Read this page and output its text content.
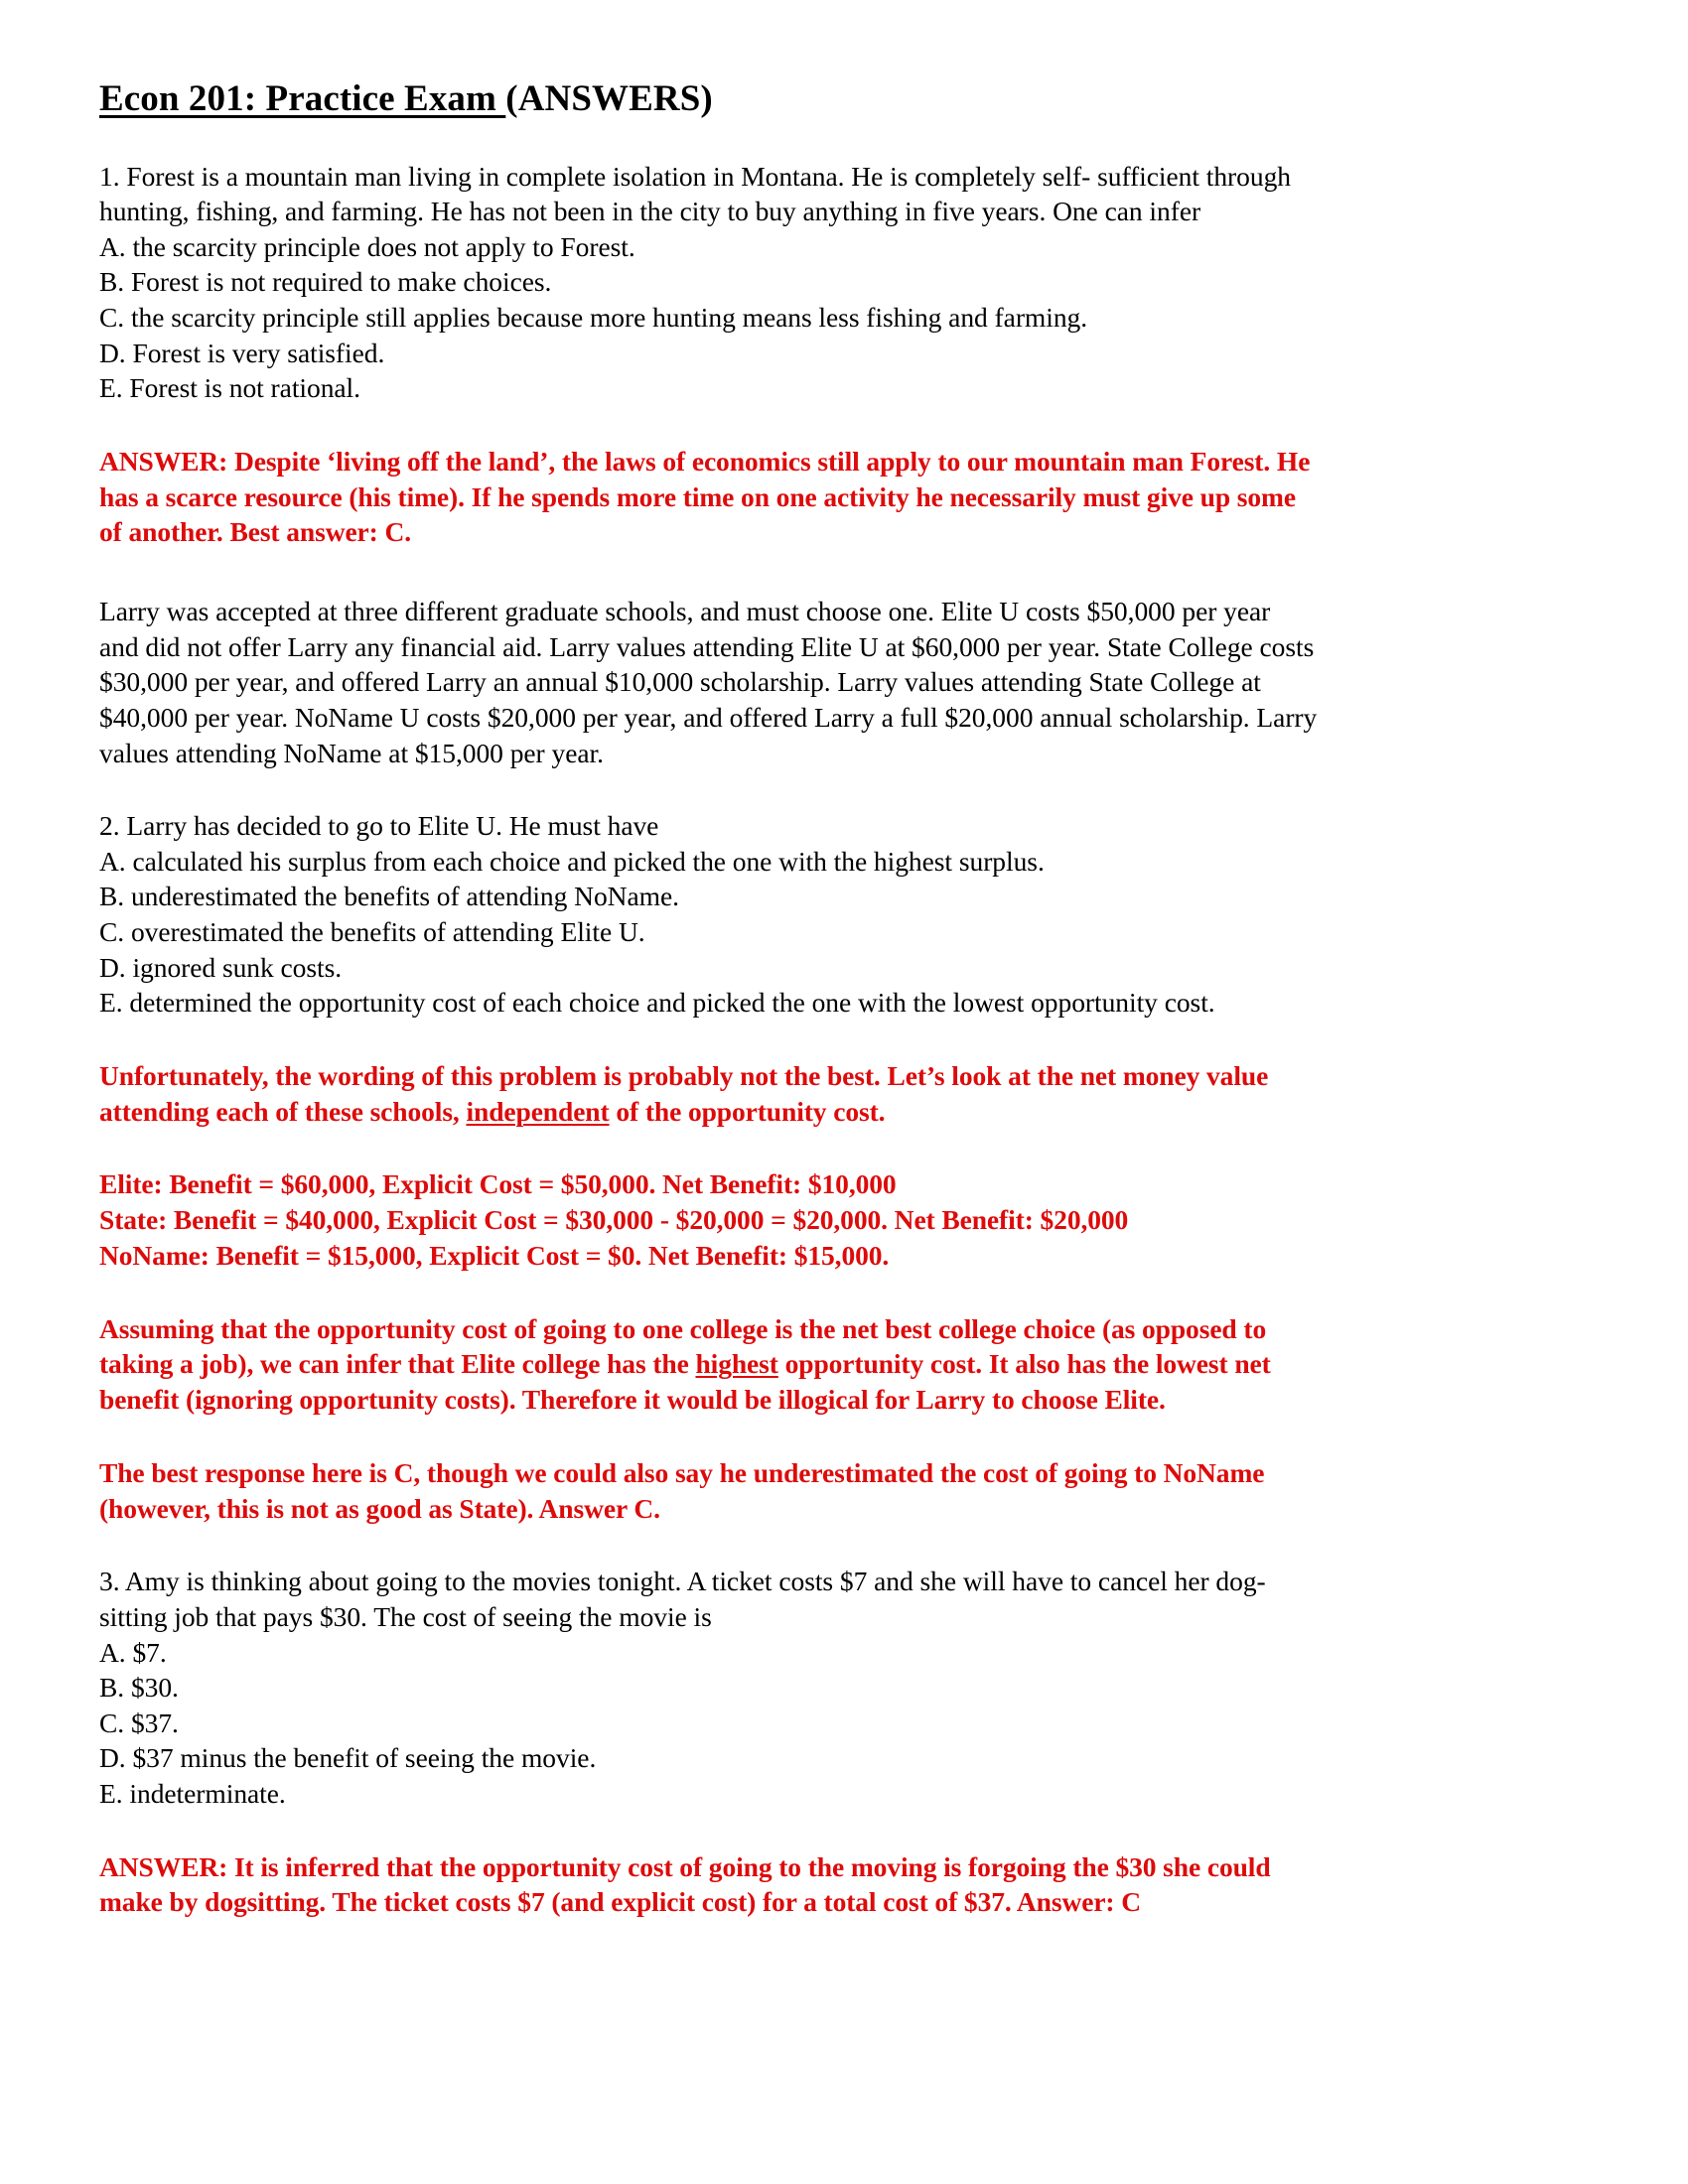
Econ 201: Practice Exam (ANSWERS)

1. Forest is a mountain man living in complete isolation in Montana. He is completely self- sufficient through

hunting, fishing, and farming. He has not been in the city to buy anything in five years. One can infer

A. the scarcity principle does not apply to Forest.

B. Forest is not required to make choices.

C. the scarcity principle still applies because more hunting means less fishing and farming.

D. Forest is very satisfied.

E. Forest is not rational.

ANSWER: Despite ‘living off the land’, the laws of economics still apply to our mountain man Forest. He

has a scarce resource (his time). If he spends more time on one activity he necessarily must give up some

of another. Best answer: C.

Larry was accepted at three different graduate schools, and must choose one. Elite U costs $50,000 per year

and did not offer Larry any financial aid. Larry values attending Elite U at $60,000 per year. State College costs

$30,000 per year, and offered Larry an annual $10,000 scholarship. Larry values attending State College at

$40,000 per year. NoName U costs $20,000 per year, and offered Larry a full $20,000 annual scholarship. Larry

values attending NoName at $15,000 per year.

2. Larry has decided to go to Elite U. He must have

A. calculated his surplus from each choice and picked the one with the highest surplus.

B. underestimated the benefits of attending NoName.

C. overestimated the benefits of attending Elite U.

D. ignored sunk costs.

E. determined the opportunity cost of each choice and picked the one with the lowest opportunity cost.

Unfortunately, the wording of this problem is probably not the best. Let’s look at the net money value

attending each of these schools, independent of the opportunity cost.

Elite: Benefit = $60,000, Explicit Cost = $50,000. Net Benefit: $10,000

State: Benefit = $40,000, Explicit Cost = $30,000 - $20,000 = $20,000. Net Benefit: $20,000

NoName: Benefit = $15,000, Explicit Cost = $0. Net Benefit: $15,000.

Assuming that the opportunity cost of going to one college is the net best college choice (as opposed to

taking a job), we can infer that Elite college has the highest opportunity cost. It also has the lowest net

benefit (ignoring opportunity costs). Therefore it would be illogical for Larry to choose Elite.

The best response here is C, though we could also say he underestimated the cost of going to NoName

(however, this is not as good as State). Answer C.

3. Amy is thinking about going to the movies tonight. A ticket costs $7 and she will have to cancel her dog-

sitting job that pays $30. The cost of seeing the movie is

A. $7.

B. $30.

C. $37.

D. $37 minus the benefit of seeing the movie.

E. indeterminate.

ANSWER: It is inferred that the opportunity cost of going to the moving is forgoing the $30 she could

make by dogsitting. The ticket costs $7 (and explicit cost) for a total cost of $37. Answer: C
